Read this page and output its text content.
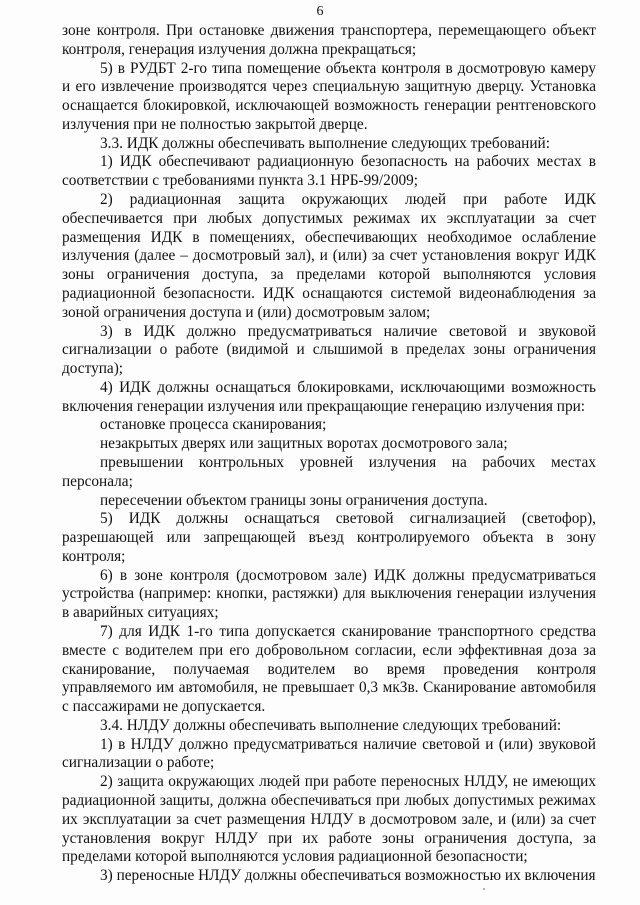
6

зоне контроля. При остановке движения транспортера, перемещающего объект контроля, генерация излучения должна прекращаться;

5) в РУДБТ 2-го типа помещение объекта контроля в досмотровую камеру и его извлечение производятся через специальную защитную дверцу. Установка оснащается блокировкой, исключающей возможность генерации рентгеновского излучения при не полностью закрытой дверце.

3.3. ИДК должны обеспечивать выполнение следующих требований:

1) ИДК обеспечивают радиационную безопасность на рабочих местах в соответствии с требованиями пункта 3.1 НРБ-99/2009;

2) радиационная защита окружающих людей при работе ИДК обеспечивается при любых допустимых режимах их эксплуатации за счет размещения ИДК в помещениях, обеспечивающих необходимое ослабление излучения (далее – досмотровый зал), и (или) за счет установления вокруг ИДК зоны ограничения доступа, за пределами которой выполняются условия радиационной безопасности. ИДК оснащаются системой видеонаблюдения за зоной ограничения доступа и (или) досмотровым залом;

3) в ИДК должно предусматриваться наличие световой и звуковой сигнализации о работе (видимой и слышимой в пределах зоны ограничения доступа);

4) ИДК должны оснащаться блокировками, исключающими возможность включения генерации излучения или прекращающие генерацию излучения при:

остановке процесса сканирования;

незакрытых дверях или защитных воротах досмотрового зала;

превышении контрольных уровней излучения на рабочих местах персонала;

пересечении объектом границы зоны ограничения доступа.

5) ИДК должны оснащаться световой сигнализацией (светофор), разрешающей или запрещающей въезд контролируемого объекта в зону контроля;

6) в зоне контроля (досмотровом зале) ИДК должны предусматриваться устройства (например: кнопки, растяжки) для выключения генерации излучения в аварийных ситуациях;

7) для ИДК 1-го типа допускается сканирование транспортного средства вместе с водителем при его добровольном согласии, если эффективная доза за сканирование, получаемая водителем во время проведения контроля управляемого им автомобиля, не превышает 0,3 мкЗв. Сканирование автомобиля с пассажирами не допускается.

3.4. НЛДУ должны обеспечивать выполнение следующих требований:

1) в НЛДУ должно предусматриваться наличие световой и (или) звуковой сигнализации о работе;

2) защита окружающих людей при работе переносных НЛДУ, не имеющих радиационной защиты, должна обеспечиваться при любых допустимых режимах их эксплуатации за счет размещения НЛДУ в досмотровом зале, и (или) за счет установления вокруг НЛДУ при их работе зоны ограничения доступа, за пределами которой выполняются условия радиационной безопасности;

3) переносные НЛДУ должны обеспечиваться возможностью их включения
